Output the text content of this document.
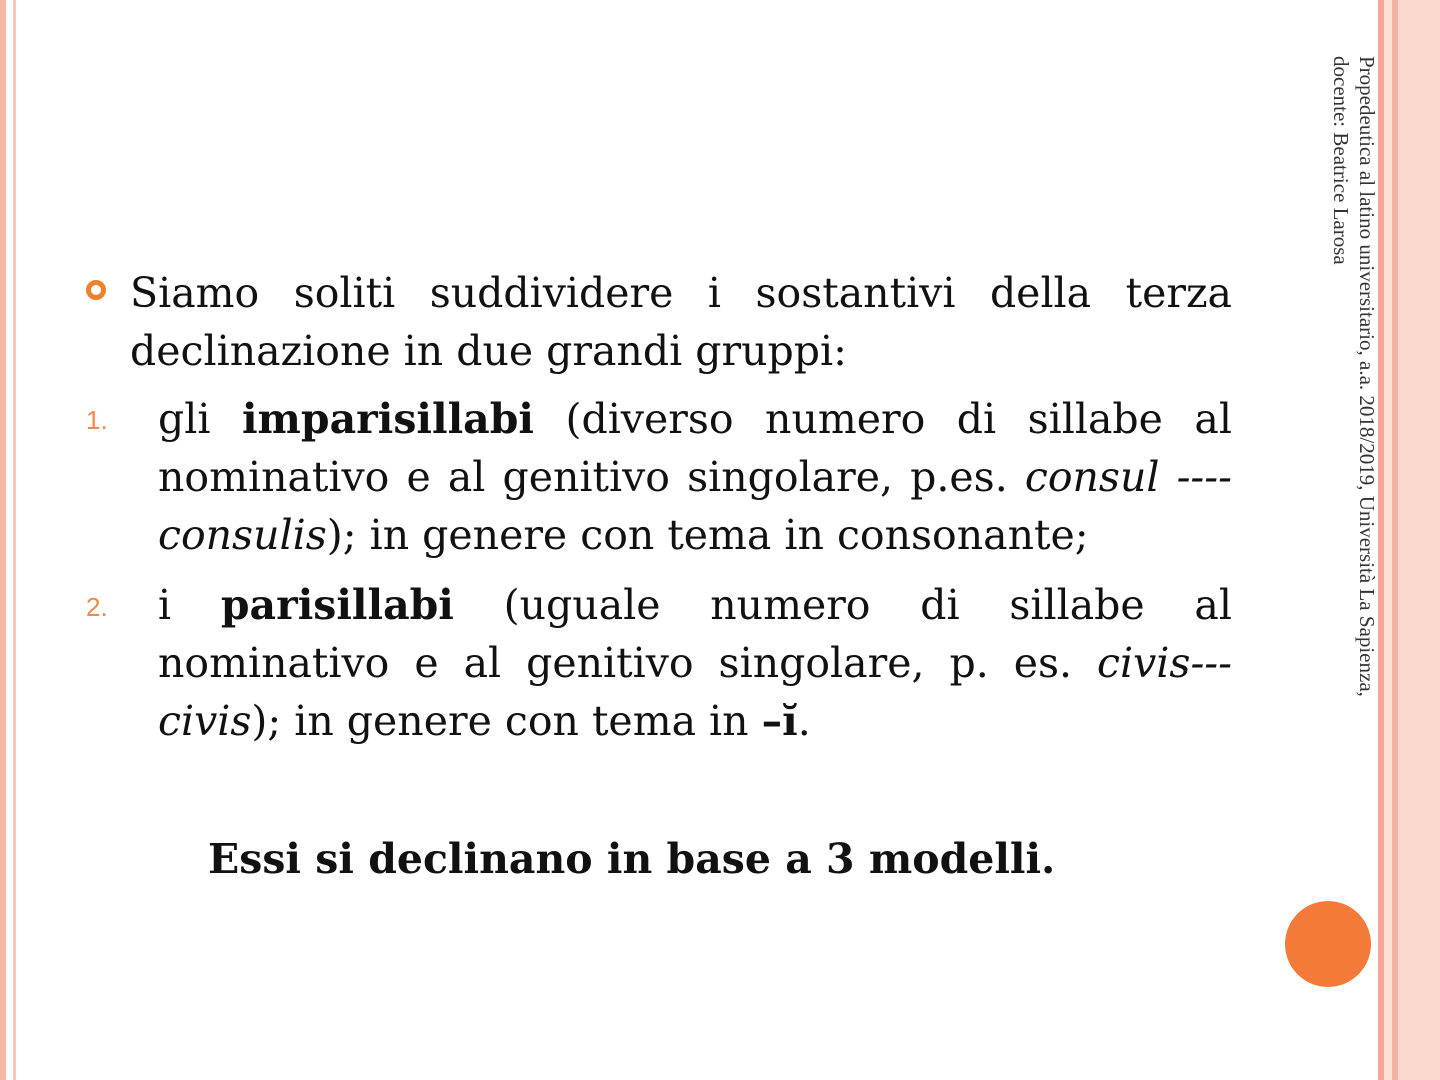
Propedeutica al latino universitario, a.a. 2018/2019, Università La Sapienza,
docente: Beatrice Larosa

Siamo soliti suddividere i sostantivi della terza declinazione in due grandi gruppi:

1. gli imparisillabi (diverso numero di sillabe al nominativo e al genitivo singolare, p.es. consul ----consulis); in genere con tema in consonante;

2. i parisillabi (uguale numero di sillabe al nominativo e al genitivo singolare, p. es. civis---civis); in genere con tema in –ĭ.

Essi si declinano in base a 3 modelli.
